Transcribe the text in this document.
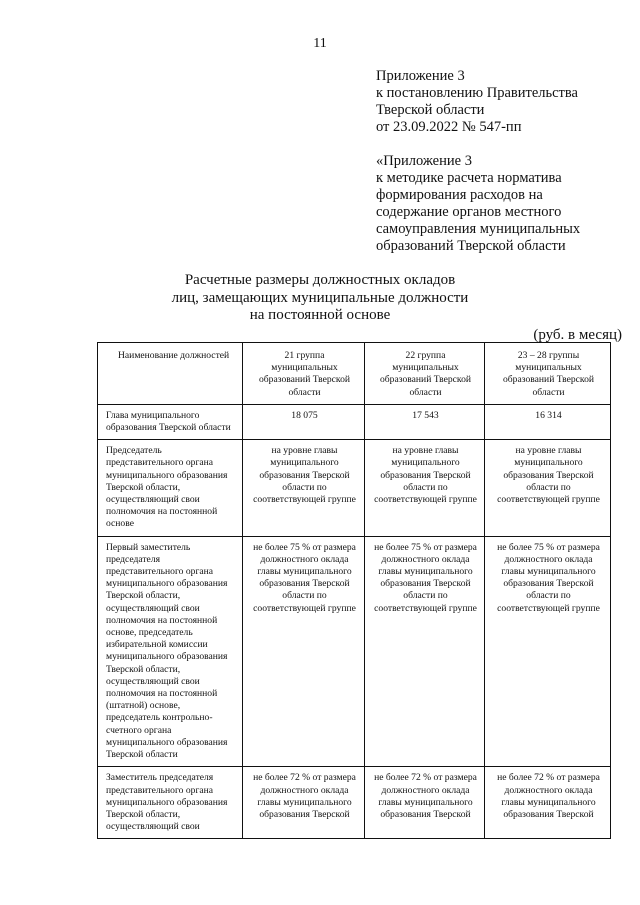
11
Приложение 3
к постановлению Правительства
Тверской области
от 23.09.2022 № 547-пп
«Приложение 3
к методике расчета норматива
формирования расходов на
содержание органов местного
самоуправления муниципальных
образований Тверской области
Расчетные размеры должностных окладов
лиц, замещающих муниципальные должности
на постоянной основе
(руб. в месяц)
Наименование должностей	21 группа муниципальных образований Тверской области	22 группа муниципальных образований Тверской области	23 – 28 группы муниципальных образований Тверской области
Глава муниципального образования Тверской области	18 075	17 543	16 314
Председатель представительного органа муниципального образования Тверской области, осуществляющий свои полномочия на постоянной основе	на уровне главы муниципального образования Тверской области по соответствующей группе	на уровне главы муниципального образования Тверской области по соответствующей группе	на уровне главы муниципального образования Тверской области по соответствующей группе
Первый заместитель председателя представительного органа муниципального образования Тверской области, осуществляющий свои полномочия на постоянной основе, председатель избирательной комиссии муниципального образования Тверской области, осуществляющий свои полномочия на постоянной (штатной) основе, председатель контрольно-счетного органа муниципального образования Тверской области	не более 75 % от размера должностного оклада главы муниципального образования Тверской области по соответствующей группе	не более 75 % от размера должностного оклада главы муниципального образования Тверской области по соответствующей группе	не более 75 % от размера должностного оклада главы муниципального образования Тверской области по соответствующей группе
Заместитель председателя представительного органа муниципального образования Тверской области, осуществляющий свои	не более 72 % от размера должностного оклада главы муниципального образования Тверской	не более 72 % от размера должностного оклада главы муниципального образования Тверской	не более 72 % от размера должностного оклада главы муниципального образования Тверской
